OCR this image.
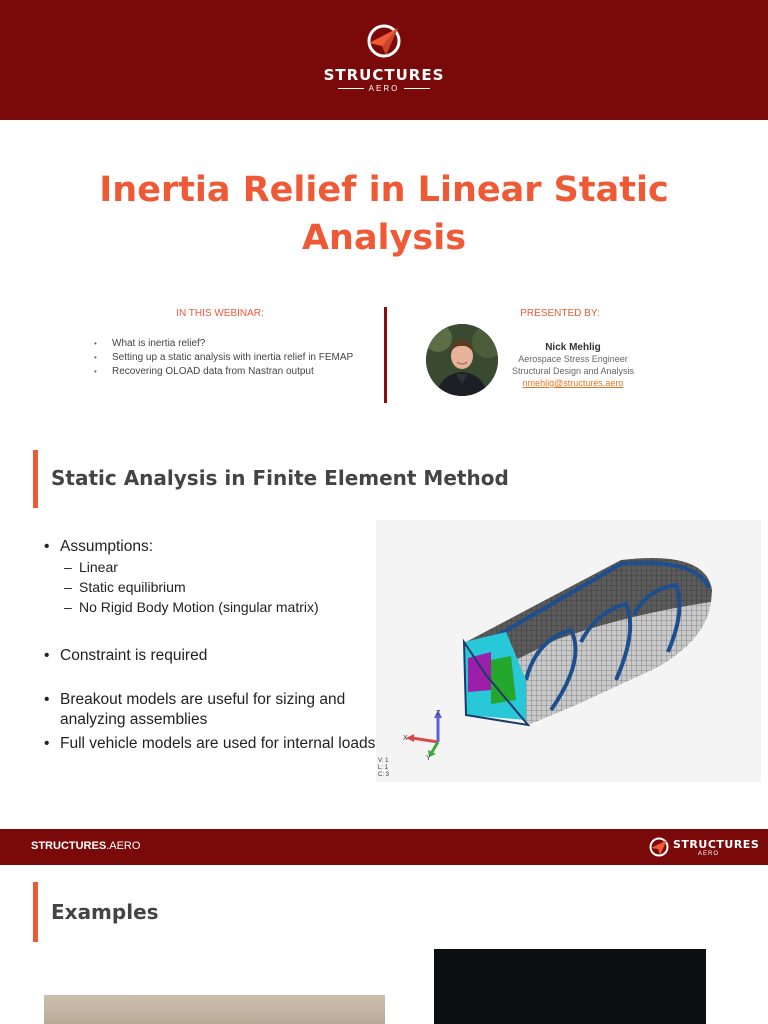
STRUCTURES
AERO
Inertia Relief in Linear Static Analysis
IN THIS WEBINAR:
• What is inertia relief?
• Setting up a static analysis with inertia relief in FEMAP
• Recovering OLOAD data from Nastran output
PRESENTED BY:
Nick Mehlig
Aerospace Stress Engineer
Structural Design and Analysis
nmehlig@structures.aero
Static Analysis in Finite Element Method
• Assumptions:
– Linear
– Static equilibrium
– No Rigid Body Motion (singular matrix)
• Constraint is required
• Breakout models are useful for sizing and analyzing assemblies
• Full vehicle models are used for internal loads
Z
X
Y
V: 1
L: 1
C: 3
STRUCTURES.AERO	STRUCTURES
AERO
Examples
